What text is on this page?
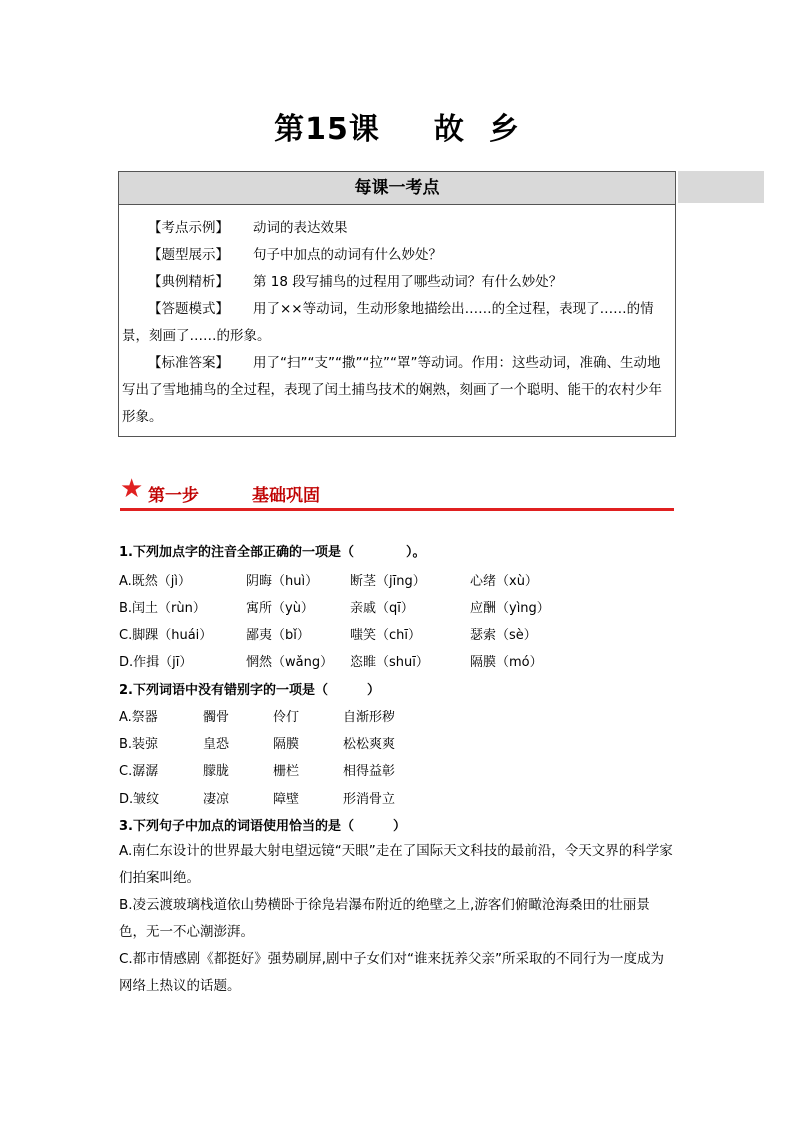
第15课 故 乡
每课一考点
【考点示例】 动词的表达效果
【题型展示】 句子中加点的动词有什么妙处？
【典例精析】 第 18 段写捕鸟的过程用了哪些动词？有什么妙处？
【答题模式】 用了××等动词，生动形象地描绘出……的全过程，表现了……的情景，刻画了……的形象。
【标准答案】 用了“扫”“支”“撒”“拉”“罩”等动词。作用：这些动词，准确、生动地写出了雪地捕鸟的全过程，表现了闰土捕鸟技术的娴熟，刻画了一个聪明、能干的农村少年形象。
★ 第一步	基础巩固
1.下列加点字的注音全部正确的一项是（　　　　）。
A.既然（jì）	阴晦（huì） 断茎（jīng）	心绪（xù）
B.闰土（rùn）	寓所（yù）	亲戚（qī）	应酬（yìng）
C.脚踝（huái）	鄙夷（bǐ）	嗤笑（chī）	瑟索（sè）
D.作揖（jī）	惘然（wǎng） 恣睢（shuī）	隔膜（mó）
2.下列词语中没有错别字的一项是（　　　）
A.祭器	髑骨	伶仃	自渐形秽
B.装弶	皇恐	隔膜	松松爽爽
C.潺潺	朦胧	栅栏	相得益彰
D.皱纹	凄凉	障壁	形消骨立
3.下列句子中加点的词语使用恰当的是（　　　）
A.南仁东设计的世界最大射电望远镜“天眼”走在了国际天文科技的最前沿，令天文界的科学家们拍案叫绝。
B.凌云渡玻璃栈道依山势横卧于徐凫岩瀑布附近的绝壁之上,游客们俯瞰沧海桑田的壮丽景色，无一不心潮澎湃。
C.都市情感剧《都挺好》强势刷屏,剧中子女们对“谁来抚养父亲”所采取的不同行为一度成为网络上热议的话题。
